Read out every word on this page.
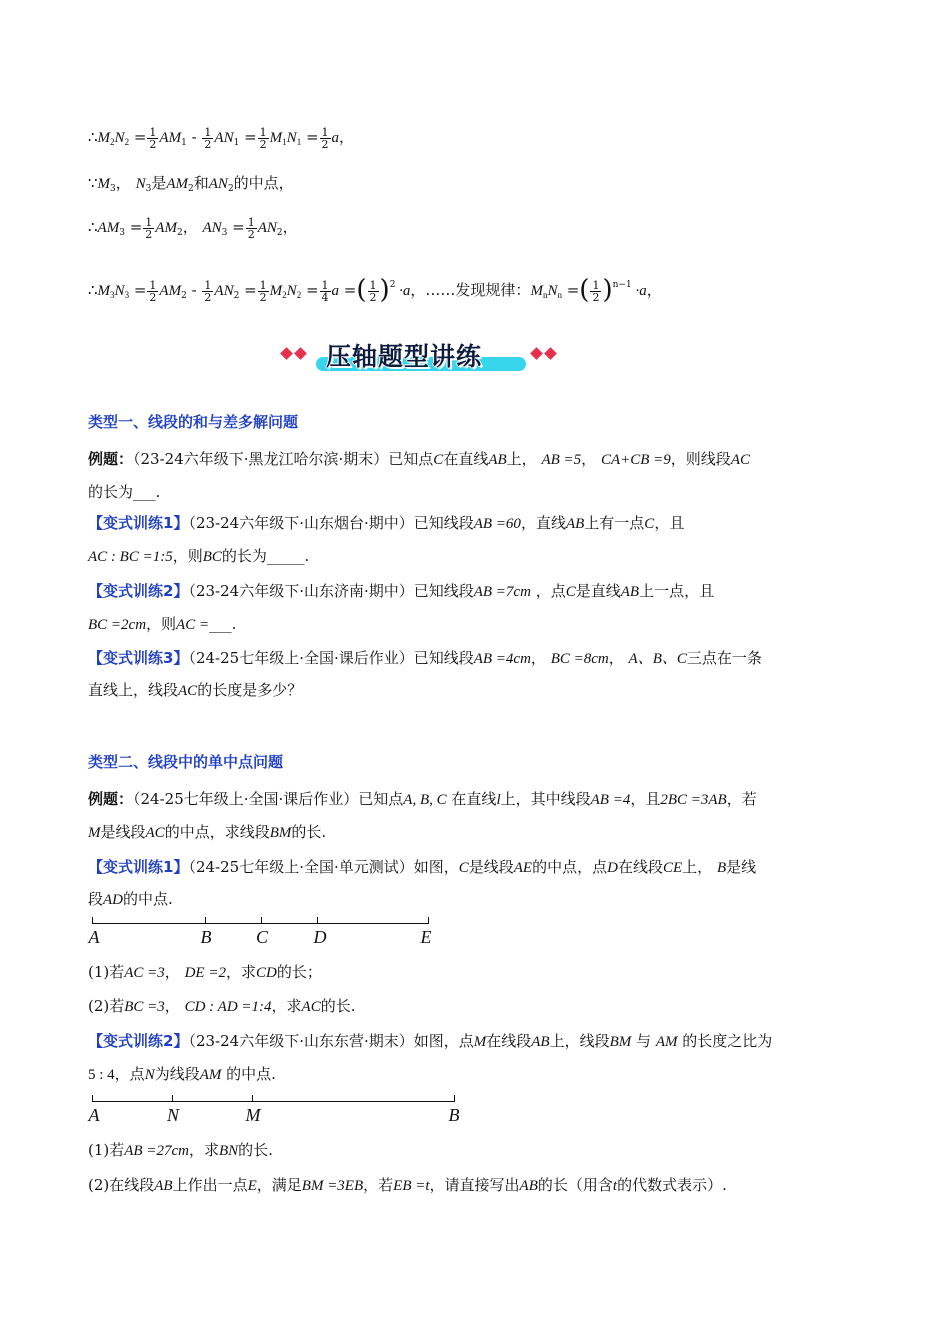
$\therefore M_2N_2 = \frac{1}{2} AM_1 - \frac{1}{2} AN_1 = \frac{1}{2} M_1N_1 = \frac{1}{2}$ a，
$\because M_3$， $N_3$是$AM_2$和$AN_2$的中点，
$\therefore AM_3 = \frac{1}{2} AM_2$， $AN_3 = \frac{1}{2} AN_2$，
$\therefore M_3N_3 = \frac{1}{2} AM_2 - \frac{1}{2} AN_2 = \frac{1}{2} M_2N_2 = \frac{1}{4}$ a =( $\frac{1}{2} )^2 \cdot a$，……发现规律：$M_nN_n$ =( $\frac{1}{2} )^{n-1} \cdot a$，
压轴题型讲练
类型一、线段的和与差多解问题
例题：（23-24六年级下·黑龙江哈尔滨·期末）已知点C在直线AB上， AB =5， CA+CB =9，则线段AC
的长为___.
【变式训练1】（23-24六年级下·山东烟台·期中）已知线段AB =60，直线AB上有一点C，且
AC : BC =1:5，则BC的长为_____.
【变式训练2】（23-24六年级下·山东济南·期中）已知线段AB =7cm ，点C是直线AB上一点，且
BC =2cm，则AC =___.
【变式训练3】（24-25七年级上·全国·课后作业）已知线段AB =4cm， BC =8cm， A、B、C三点在一条
直线上，线段AC的长度是多少？
类型二、线段中的单中点问题
例题：（24-25七年级上·全国·课后作业）已知点A, B, C 在直线l上，其中线段AB =4，且2BC =3AB，若
M是线段AC的中点，求线段BM的长.
【变式训练1】（24-25七年级上·全国·单元测试）如图，C是线段AE的中点，点D在线段CE上， B是线
段AD的中点.
A	B C	D	E
(1)若AC =3， DE =2，求CD的长；
(2)若BC =3， CD : AD =1:4，求AC的长.
【变式训练2】（23-24六年级下·山东东营·期末）如图，点M在线段AB上，线段BM 与 AM 的长度之比为
5 : 4，点N为线段AM 的中点.
A	N	M	B
(1)若AB =27cm，求BN的长.
(2)在线段AB上作出一点E，满足BM =3EB，若EB =t，请直接写出AB的长（用含t的代数式表示）.
